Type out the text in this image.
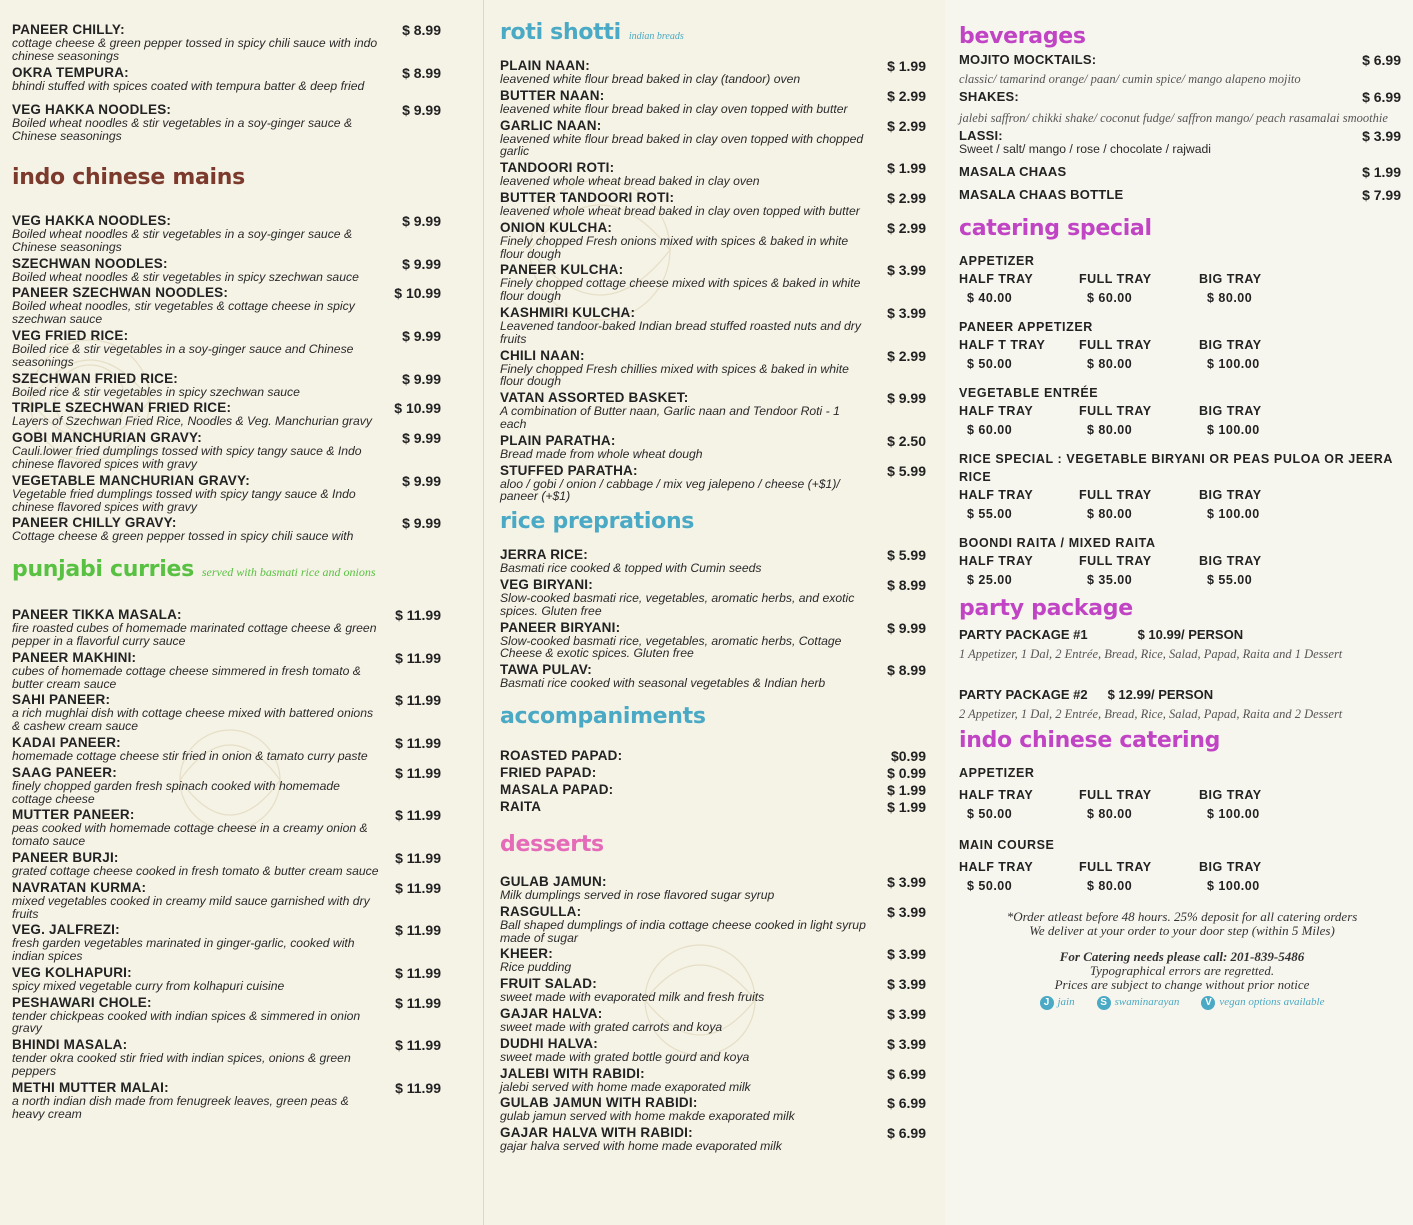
PANEER CHILLY:
cottage cheese & green pepper tossed in spicy chili sauce with indo chinese seasonings
$ 8.99
OKRA TEMPURA:
bhindi stuffed with spices coated with tempura batter & deep fried
$ 8.99
VEG HAKKA NOODLES:
Boiled wheat noodles & stir vegetables in a soy-ginger sauce & Chinese seasonings
$ 9.99
indo chinese mains
VEG HAKKA NOODLES:
Boiled wheat noodles & stir vegetables in a soy-ginger sauce & Chinese seasonings
$ 9.99
SZECHWAN NOODLES:
Boiled wheat noodles & stir vegetables in spicy szechwan sauce
$ 9.99
PANEER SZECHWAN NOODLES:
Boiled wheat noodles, stir vegetables & cottage cheese in spicy szechwan sauce
$ 10.99
VEG FRIED RICE:
Boiled rice & stir vegetables in a soy-ginger sauce and Chinese seasonings
$ 9.99
SZECHWAN FRIED RICE:
Boiled rice & stir vegetables in spicy szechwan sauce
$ 9.99
TRIPLE SZECHWAN FRIED RICE:
Layers of Szechwan Fried Rice, Noodles & Veg. Manchurian gravy
$ 10.99
GOBI MANCHURIAN GRAVY:
Cauli.lower fried dumplings tossed with spicy tangy sauce & Indo chinese flavored spices with gravy
$ 9.99
VEGETABLE MANCHURIAN GRAVY:
Vegetable fried dumplings tossed with spicy tangy sauce & Indo chinese flavored spices with gravy
$ 9.99
PANEER CHILLY GRAVY:
Cottage cheese & green pepper tossed in spicy chili sauce with
$ 9.99
punjabi curries served with basmati rice and onions
PANEER TIKKA MASALA:
fire roasted cubes of homemade marinated cottage cheese & green pepper in a flavorful curry sauce
$ 11.99
PANEER MAKHINI:
cubes of homemade cottage cheese simmered in fresh tomato & butter cream sauce
$ 11.99
SAHI PANEER:
a rich mughlai dish with cottage cheese mixed with battered onions & cashew cream sauce
$ 11.99
KADAI PANEER:
homemade cottage cheese stir fried in onion & tamato curry paste
$ 11.99
SAAG PANEER:
finely chopped garden fresh spinach cooked with homemade cottage cheese
$ 11.99
MUTTER PANEER:
peas cooked with homemade cottage cheese in a creamy onion & tomato sauce
$ 11.99
PANEER BURJI:
grated cottage cheese cooked in fresh tomato & butter cream sauce
$ 11.99
NAVRATAN KURMA:
mixed vegetables cooked in creamy mild sauce garnished with dry fruits
$ 11.99
VEG. JALFREZI:
fresh garden vegetables marinated in ginger-garlic, cooked with indian spices
$ 11.99
VEG KOLHAPURI:
spicy mixed vegetable curry from kolhapuri cuisine
$ 11.99
PESHAWARI CHOLE:
tender chickpeas cooked with indian spices & simmered in onion gravy
$ 11.99
BHINDI MASALA:
tender okra cooked stir fried with indian spices, onions & green peppers
$ 11.99
METHI MUTTER MALAI:
a north indian dish made from fenugreek leaves, green peas & heavy cream
$ 11.99
roti shotti indian breads
PLAIN NAAN:
leavened white flour bread baked in clay (tandoor) oven
$ 1.99
BUTTER NAAN:
leavened white flour bread baked in clay oven topped with butter
$ 2.99
GARLIC NAAN:
leavened white flour bread baked in clay oven topped with chopped garlic
$ 2.99
TANDOORI ROTI:
leavened whole wheat bread baked in clay oven
$ 1.99
BUTTER TANDOORI ROTI:
leavened whole wheat bread baked in clay oven topped with butter
$ 2.99
ONION KULCHA:
Finely chopped Fresh onions mixed with spices & baked in white flour dough
$ 2.99
PANEER KULCHA:
Finely chopped cottage cheese mixed with spices & baked in white flour dough
$ 3.99
KASHMIRI KULCHA:
Leavened tandoor-baked Indian bread stuffed roasted nuts and dry fruits
$ 3.99
CHILI NAAN:
Finely chopped Fresh chillies mixed with spices & baked in white flour dough
$ 2.99
VATAN ASSORTED BASKET:
A combination of Butter naan, Garlic naan and Tendoor Roti - 1 each
$ 9.99
PLAIN PARATHA:
Bread made from whole wheat dough
$ 2.50
STUFFED PARATHA:
aloo / gobi / onion / cabbage / mix veg jalepeno / cheese (+$1)/ paneer (+$1)
$ 5.99
rice preprations
JERRA RICE:
Basmati rice cooked & topped with Cumin seeds
$ 5.99
VEG BIRYANI:
Slow-cooked basmati rice, vegetables, aromatic herbs, and exotic spices. Gluten free
$ 8.99
PANEER BIRYANI:
Slow-cooked basmati rice, vegetables, aromatic herbs, Cottage Cheese & exotic spices. Gluten free
$ 9.99
TAWA PULAV:
Basmati rice cooked with seasonal vegetables & Indian herb
$ 8.99
accompaniments
ROASTED PAPAD:	$0.99
FRIED PAPAD:	$ 0.99
MASALA PAPAD:	$ 1.99
RAITA	$ 1.99
desserts
GULAB JAMUN:
Milk dumplings served in rose flavored sugar syrup
$ 3.99
RASGULLA:
Ball shaped dumplings of india cottage cheese cooked in light syrup made of sugar
$ 3.99
KHEER:
Rice pudding
$ 3.99
FRUIT SALAD:
sweet made with evaporated milk and fresh fruits
$ 3.99
GAJAR HALVA:
sweet made with grated carrots and koya
$ 3.99
DUDHI HALVA:
sweet made with grated bottle gourd and koya
$ 3.99
JALEBI WITH RABIDI:
jalebi served with home made exaporated milk
$ 6.99
GULAB JAMUN WITH RABIDI:
gulab jamun served with home makde exaporated milk
$ 6.99
GAJAR HALVA WITH RABIDI:
gajar halva served with home made evaporated milk
$ 6.99
beverages
MOJITO MOCKTAILS:	$ 6.99
classic/ tamarind orange/ paan/ cumin spice/ mango alapeno mojito
SHAKES:	$ 6.99
jalebi saffron/ chikki shake/ coconut fudge/ saffron mango/ peach rasamalai smoothie
LASSI:
Sweet / salt/ mango / rose / chocolate / rajwadi
$ 3.99
MASALA CHAAS	$ 1.99
MASALA CHAAS BOTTLE	$ 7.99
catering special
APPETIZER
HALF TRAY	FULL TRAY	BIG TRAY
$ 40.00	$ 60.00	$ 80.00
PANEER APPETIZER
HALF T TRAY	FULL TRAY	BIG TRAY
$ 50.00	$ 80.00	$ 100.00
VEGETABLE ENTRÉE
HALF TRAY	FULL TRAY	BIG TRAY
$ 60.00	$ 80.00	$ 100.00
RICE SPECIAL : VEGETABLE BIRYANI OR PEAS PULOA OR JEERA RICE
HALF TRAY	FULL TRAY	BIG TRAY
$ 55.00	$ 80.00	$ 100.00
BOONDI RAITA / MIXED RAITA
HALF TRAY	FULL TRAY	BIG TRAY
$ 25.00	$ 35.00	$ 55.00
party package
PARTY PACKAGE #1	$ 10.99/ PERSON
1 Appetizer, 1 Dal, 2 Entrée, Bread, Rice, Salad, Papad, Raita and 1 Dessert
PARTY PACKAGE #2 $ 12.99/ PERSON
2 Appetizer, 1 Dal, 2 Entrée, Bread, Rice, Salad, Papad, Raita and 2 Dessert
indo chinese catering
APPETIZER
HALF TRAY	FULL TRAY	BIG TRAY
$ 50.00	$ 80.00	$ 100.00
MAIN COURSE
HALF TRAY	FULL TRAY	BIG TRAY
$ 50.00	$ 80.00	$ 100.00
*Order atleast before 48 hours. 25% deposit for all catering orders
We deliver at your order to your door step (within 5 Miles)
For Catering needs please call: 201-839-5486
Typographical errors are regretted.
Prices are subject to change without prior notice
J jain	S swaminarayan	V vegan options available
